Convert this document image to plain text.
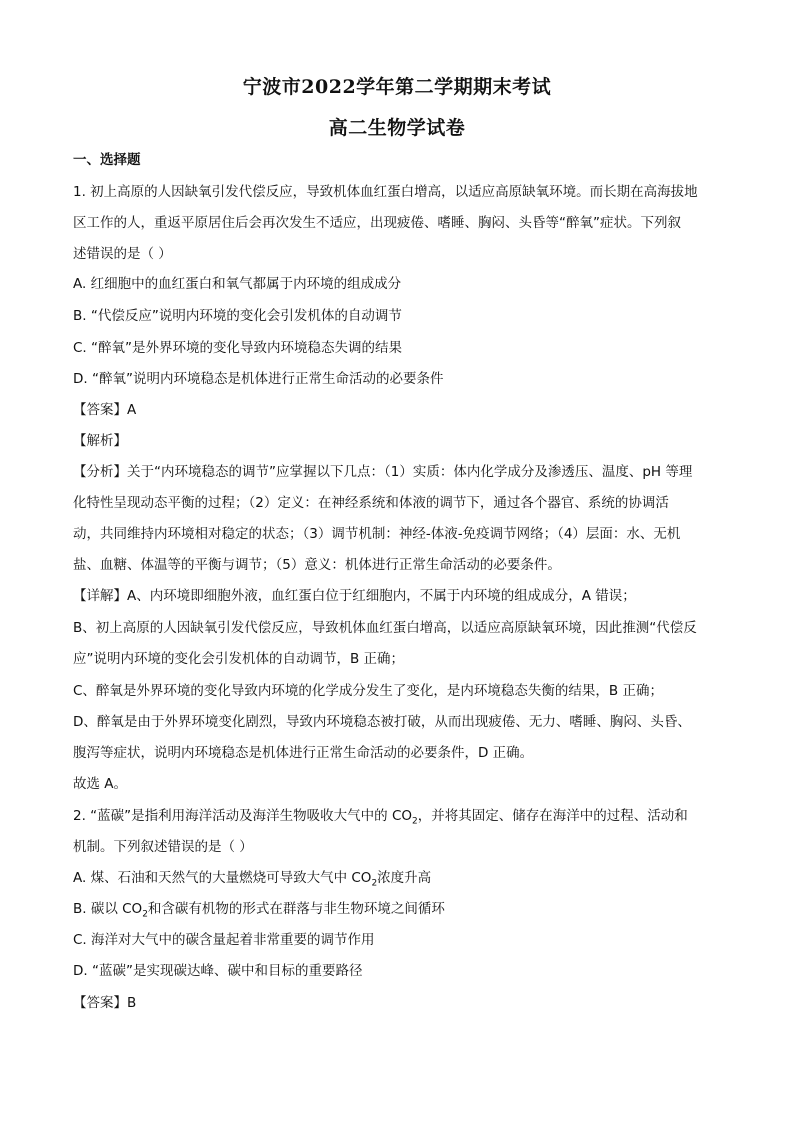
宁波市2022学年第二学期期末考试
高二生物学试卷
一、选择题
1. 初上高原的人因缺氧引发代偿反应，导致机体血红蛋白增高，以适应高原缺氧环境。而长期在高海拔地
区工作的人，重返平原居住后会再次发生不适应，出现疲倦、嗜睡、胸闷、头昏等“醉氧”症状。下列叙
述错误的是（ ）
A. 红细胞中的血红蛋白和氧气都属于内环境的组成成分
B. “代偿反应”说明内环境的变化会引发机体的自动调节
C. “醉氧”是外界环境的变化导致内环境稳态失调的结果
D. “醉氧”说明内环境稳态是机体进行正常生命活动的必要条件
【答案】A
【解析】
【分析】关于“内环境稳态的调节”应掌握以下几点：（1）实质：体内化学成分及渗透压、温度、pH 等理
化特性呈现动态平衡的过程；（2）定义：在神经系统和体液的调节下，通过各个器官、系统的协调活
动，共同维持内环境相对稳定的状态；（3）调节机制：神经-体液-免疫调节网络；（4）层面：水、无机
盐、血糖、体温等的平衡与调节；（5）意义：机体进行正常生命活动的必要条件。
【详解】A、内环境即细胞外液，血红蛋白位于红细胞内，不属于内环境的组成成分，A 错误；
B、初上高原的人因缺氧引发代偿反应，导致机体血红蛋白增高，以适应高原缺氧环境，因此推测“代偿反
应”说明内环境的变化会引发机体的自动调节，B 正确；
C、醉氧是外界环境的变化导致内环境的化学成分发生了变化，是内环境稳态失衡的结果，B 正确；
D、醉氧是由于外界环境变化剧烈，导致内环境稳态被打破，从而出现疲倦、无力、嗜睡、胸闷、头昏、
腹泻等症状，说明内环境稳态是机体进行正常生命活动的必要条件，D 正确。
故选 A。
2. “蓝碳”是指利用海洋活动及海洋生物吸收大气中的 $CO_2$，并将其固定、储存在海洋中的过程、活动和
机制。下列叙述错误的是（ ）
A. 煤、石油和天然气的大量燃烧可导致大气中 $CO_2$浓度升高
B. 碳以 $CO_2$和含碳有机物的形式在群落与非生物环境之间循环
C. 海洋对大气中的碳含量起着非常重要的调节作用
D. “蓝碳”是实现碳达峰、碳中和目标的重要路径
【答案】B
